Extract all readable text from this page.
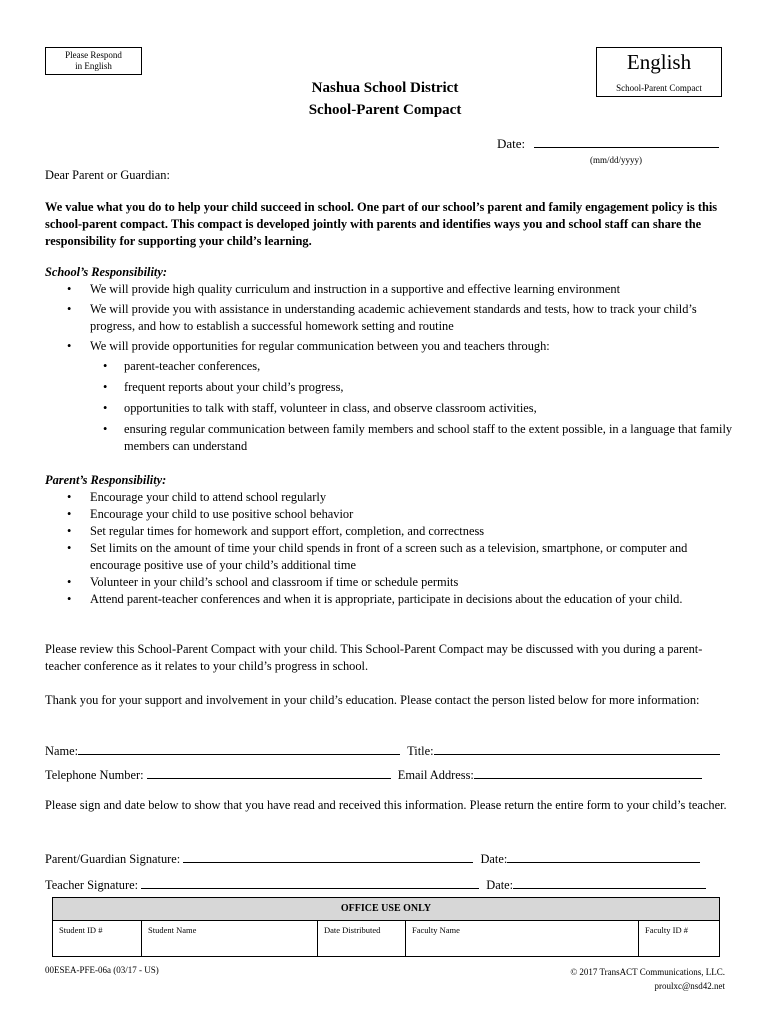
Please Respond
in English	English
School-Parent Compact
Nashua School District
School-Parent Compact
Date:
(mm/dd/yyyy)
Dear Parent or Guardian:
We value what you do to help your child succeed in school. One part of our school’s parent and family engagement policy is this school-parent compact. This compact is developed jointly with parents and identifies ways you and school staff can share the responsibility for supporting your child’s learning.
School’s Responsibility:
• We will provide high quality curriculum and instruction in a supportive and effective learning environment
• We will provide you with assistance in understanding academic achievement standards and tests, how to track your child’s progress, and how to establish a successful homework setting and routine
• We will provide opportunities for regular communication between you and teachers through:
• parent-teacher conferences,
• frequent reports about your child’s progress,
• opportunities to talk with staff, volunteer in class, and observe classroom activities,
• ensuring regular communication between family members and school staff to the extent possible, in a language that family members can understand
Parent’s Responsibility:
• Encourage your child to attend school regularly
• Encourage your child to use positive school behavior
• Set regular times for homework and support effort, completion, and correctness
• Set limits on the amount of time your child spends in front of a screen such as a television, smartphone, or computer and encourage positive use of your child’s additional time
• Volunteer in your child’s school and classroom if time or schedule permits
• Attend parent-teacher conferences and when it is appropriate, participate in decisions about the education of your child.
Please review this School-Parent Compact with your child. This School-Parent Compact may be discussed with you during a parent-teacher conference as it relates to your child’s progress in school.
Thank you for your support and involvement in your child’s education. Please contact the person listed below for more information:
Name:	Title:
Telephone Number:	Email Address:
Please sign and date below to show that you have read and received this information. Please return the entire form to your child’s teacher.
Parent/Guardian Signature:	Date:
Teacher Signature:	Date:
OFFICE USE ONLY
Student ID #	Student Name	Date Distributed	Faculty Name	Faculty ID #
00ESEA-PFE-06a (03/17 - US)	© 2017 TransACT Communications, LLC.
proulxc@nsd42.net
